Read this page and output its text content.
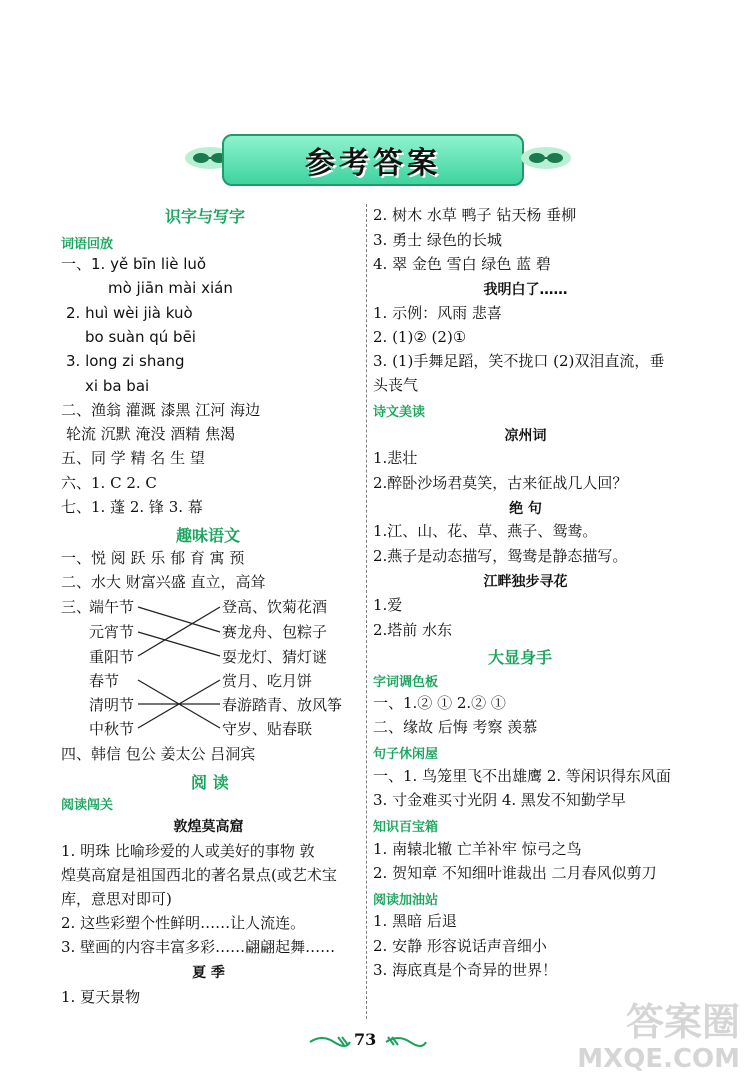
参考答案
识字与写字
词语回放
一、1. yě bīn liè luǒ
mò jiān mài xián
2. huì wèi jià kuò
bo suàn qú bēi
3. long zi shang
xi ba bai
二、渔翁 灌溉 漆黑 江河 海边
轮流 沉默 淹没 酒精 焦渴
五、同 学 精 名 生 望
六、1. C 2. C
七、1. 蓬 2. 锋 3. 幕
趣味语文
一、悦 阅 跃 乐 郁 育 寓 预
二、水大 财富兴盛 直立，高耸
三、
端午节
元宵节
重阳节
春节
清明节
中秋节
登高、饮菊花酒
赛龙舟、包粽子
耍龙灯、猜灯谜
赏月、吃月饼
春游踏青、放风筝
守岁、贴春联
四、韩信 包公 姜太公 吕洞宾
阅 读
阅读闯关
敦煌莫高窟
1. 明珠 比喻珍爱的人或美好的事物 敦
煌莫高窟是祖国西北的著名景点(或艺术宝
库，意思对即可)
2. 这些彩塑个性鲜明……让人流连。
3. 壁画的内容丰富多彩……翩翩起舞……
夏 季
1. 夏天景物
2. 树木 水草 鸭子 钻天杨 垂柳
3. 勇士 绿色的长城
4. 翠 金色 雪白 绿色 蓝 碧
我明白了……
1. 示例：风雨 悲喜
2. (1)② (2)①
3. (1)手舞足蹈，笑不拢口 (2)双泪直流，垂
头丧气
诗文美读
凉州词
1.悲壮
2.醉卧沙场君莫笑，古来征战几人回？
绝 句
1.江、山、花、草、燕子、鸳鸯。
2.燕子是动态描写，鸳鸯是静态描写。
江畔独步寻花
1.爱
2.塔前 水东
大显身手
字词调色板
一、1.② ① 2.② ①
二、缘故 后悔 考察 羡慕
句子休闲屋
一、1. 鸟笼里飞不出雄鹰 2. 等闲识得东风面
3. 寸金难买寸光阴 4. 黑发不知勤学早
知识百宝箱
1. 南辕北辙 亡羊补牢 惊弓之鸟
2. 贺知章 不知细叶谁裁出 二月春风似剪刀
阅读加油站
1. 黑暗 后退
2. 安静 形容说话声音细小
3. 海底真是个奇异的世界！
73	答案圈
MXQE.COM
